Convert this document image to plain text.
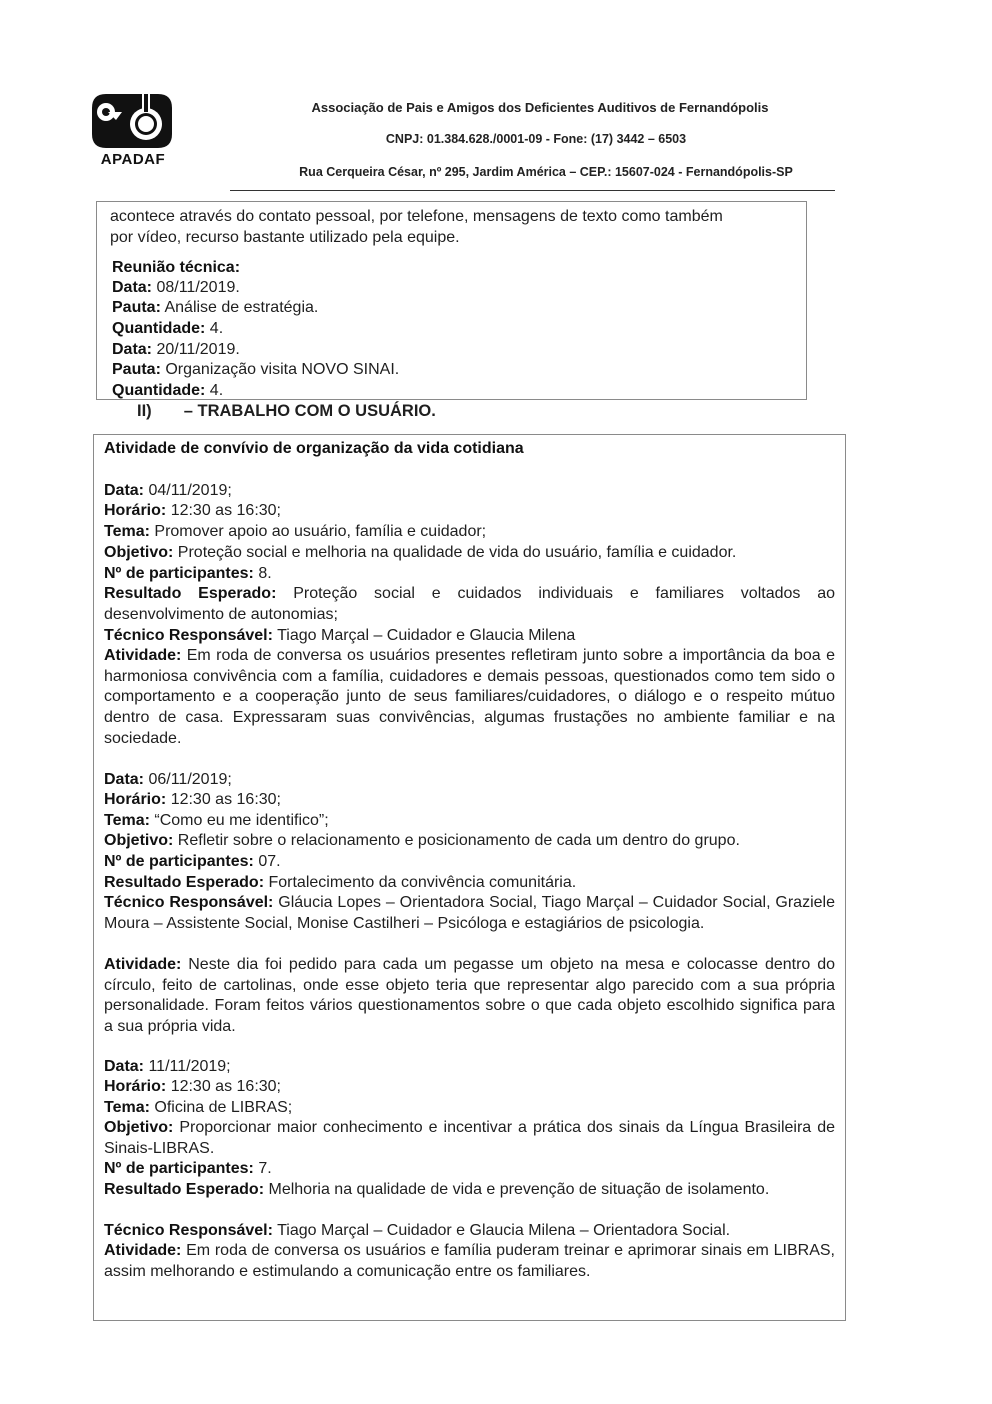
APADAF
Associação de Pais e Amigos dos Deficientes Auditivos de Fernandópolis
CNPJ: 01.384.628./0001-09 - Fone: (17) 3442 – 6503
Rua Cerqueira César, nº 295, Jardim América – CEP.: 15607-024 - Fernandópolis-SP
acontece através do contato pessoal, por telefone, mensagens de texto como também
por vídeo, recurso bastante utilizado pela equipe.
Reunião técnica:
Data: 08/11/2019.
Pauta: Análise de estratégia.
Quantidade: 4.
Data: 20/11/2019.
Pauta: Organização visita NOVO SINAI.
Quantidade: 4.
II)       – TRABALHO COM O USUÁRIO.
Atividade de convívio de organização da vida cotidiana
Data: 04/11/2019;
Horário: 12:30 as 16:30;
Tema: Promover apoio ao usuário, família e cuidador;
Objetivo: Proteção social e melhoria na qualidade de vida do usuário, família e cuidador.
Nº de participantes: 8.
Resultado Esperado: Proteção social e cuidados individuais e familiares voltados ao desenvolvimento de autonomias;
Técnico Responsável: Tiago Marçal – Cuidador e Glaucia Milena
Atividade: Em roda de conversa os usuários presentes refletiram junto sobre a importância da boa e harmoniosa convivência com a família, cuidadores e demais pessoas, questionados como tem sido o comportamento e a cooperação junto de seus familiares/cuidadores, o diálogo e o respeito mútuo dentro de casa. Expressaram suas convivências, algumas frustações no ambiente familiar e na sociedade.
Data: 06/11/2019;
Horário: 12:30 as 16:30;
Tema: “Como eu me identifico”;
Objetivo: Refletir sobre o relacionamento e posicionamento de cada um dentro do grupo.
Nº de participantes: 07.
Resultado Esperado: Fortalecimento da convivência comunitária.
Técnico Responsável: Gláucia Lopes – Orientadora Social, Tiago Marçal – Cuidador Social, Graziele Moura – Assistente Social, Monise Castilheri – Psicóloga e estagiários de psicologia.
Atividade: Neste dia foi pedido para cada um pegasse um objeto na mesa e colocasse dentro do círculo, feito de cartolinas, onde esse objeto teria que representar algo parecido com a sua própria personalidade. Foram feitos vários questionamentos sobre o que cada objeto escolhido significa para a sua própria vida.
Data: 11/11/2019;
Horário: 12:30 as 16:30;
Tema: Oficina de LIBRAS;
Objetivo: Proporcionar maior conhecimento e incentivar a prática dos sinais da Língua Brasileira de Sinais-LIBRAS.
Nº de participantes: 7.
Resultado Esperado: Melhoria na qualidade de vida e prevenção de situação de isolamento.
Técnico Responsável: Tiago Marçal – Cuidador e Glaucia Milena – Orientadora Social.
Atividade: Em roda de conversa os usuários e família puderam treinar e aprimorar sinais em LIBRAS, assim melhorando e estimulando a comunicação entre os familiares.
